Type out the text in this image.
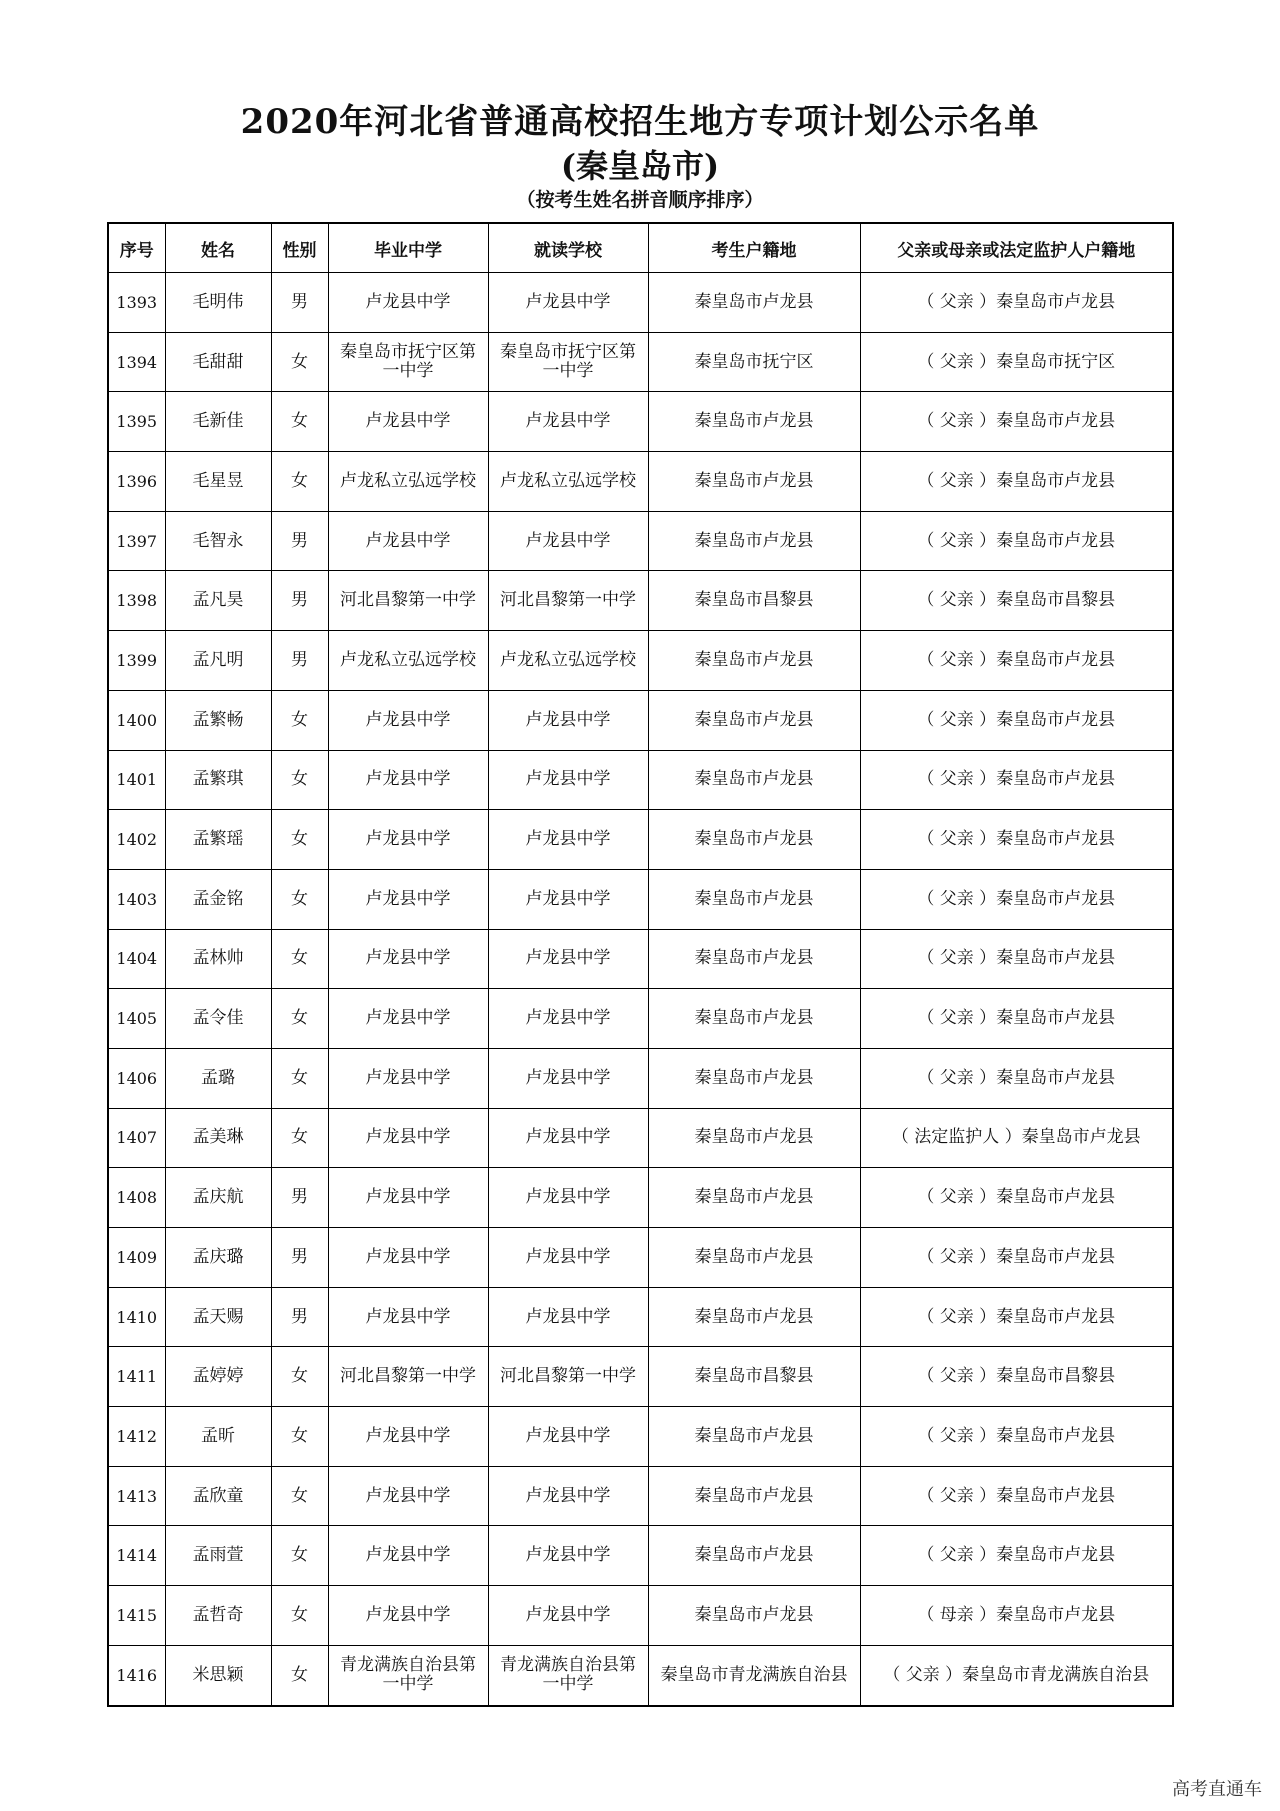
2020年河北省普通高校招生地方专项计划公示名单
(秦皇岛市)
（按考生姓名拼音顺序排序）
序号	姓名	性别	毕业中学	就读学校	考生户籍地	父亲或母亲或法定监护人户籍地
1393	毛明伟	男	卢龙县中学	卢龙县中学	秦皇岛市卢龙县	（ 父亲 ）秦皇岛市卢龙县
1394	毛甜甜	女	秦皇岛市抚宁区第一中学	秦皇岛市抚宁区第一中学	秦皇岛市抚宁区	（ 父亲 ）秦皇岛市抚宁区
1395	毛新佳	女	卢龙县中学	卢龙县中学	秦皇岛市卢龙县	（ 父亲 ）秦皇岛市卢龙县
1396	毛星昱	女	卢龙私立弘远学校	卢龙私立弘远学校	秦皇岛市卢龙县	（ 父亲 ）秦皇岛市卢龙县
1397	毛智永	男	卢龙县中学	卢龙县中学	秦皇岛市卢龙县	（ 父亲 ）秦皇岛市卢龙县
1398	孟凡昊	男	河北昌黎第一中学	河北昌黎第一中学	秦皇岛市昌黎县	（ 父亲 ）秦皇岛市昌黎县
1399	孟凡明	男	卢龙私立弘远学校	卢龙私立弘远学校	秦皇岛市卢龙县	（ 父亲 ）秦皇岛市卢龙县
1400	孟繁畅	女	卢龙县中学	卢龙县中学	秦皇岛市卢龙县	（ 父亲 ）秦皇岛市卢龙县
1401	孟繁琪	女	卢龙县中学	卢龙县中学	秦皇岛市卢龙县	（ 父亲 ）秦皇岛市卢龙县
1402	孟繁瑶	女	卢龙县中学	卢龙县中学	秦皇岛市卢龙县	（ 父亲 ）秦皇岛市卢龙县
1403	孟金铭	女	卢龙县中学	卢龙县中学	秦皇岛市卢龙县	（ 父亲 ）秦皇岛市卢龙县
1404	孟林帅	女	卢龙县中学	卢龙县中学	秦皇岛市卢龙县	（ 父亲 ）秦皇岛市卢龙县
1405	孟令佳	女	卢龙县中学	卢龙县中学	秦皇岛市卢龙县	（ 父亲 ）秦皇岛市卢龙县
1406	孟璐	女	卢龙县中学	卢龙县中学	秦皇岛市卢龙县	（ 父亲 ）秦皇岛市卢龙县
1407	孟美琳	女	卢龙县中学	卢龙县中学	秦皇岛市卢龙县	（ 法定监护人 ）秦皇岛市卢龙县
1408	孟庆航	男	卢龙县中学	卢龙县中学	秦皇岛市卢龙县	（ 父亲 ）秦皇岛市卢龙县
1409	孟庆璐	男	卢龙县中学	卢龙县中学	秦皇岛市卢龙县	（ 父亲 ）秦皇岛市卢龙县
1410	孟天赐	男	卢龙县中学	卢龙县中学	秦皇岛市卢龙县	（ 父亲 ）秦皇岛市卢龙县
1411	孟婷婷	女	河北昌黎第一中学	河北昌黎第一中学	秦皇岛市昌黎县	（ 父亲 ）秦皇岛市昌黎县
1412	孟昕	女	卢龙县中学	卢龙县中学	秦皇岛市卢龙县	（ 父亲 ）秦皇岛市卢龙县
1413	孟欣童	女	卢龙县中学	卢龙县中学	秦皇岛市卢龙县	（ 父亲 ）秦皇岛市卢龙县
1414	孟雨萱	女	卢龙县中学	卢龙县中学	秦皇岛市卢龙县	（ 父亲 ）秦皇岛市卢龙县
1415	孟哲奇	女	卢龙县中学	卢龙县中学	秦皇岛市卢龙县	（ 母亲 ）秦皇岛市卢龙县
1416	米思颖	女	青龙满族自治县第一中学	青龙满族自治县第一中学	秦皇岛市青龙满族自治县	（ 父亲 ）秦皇岛市青龙满族自治县
高考直通车
